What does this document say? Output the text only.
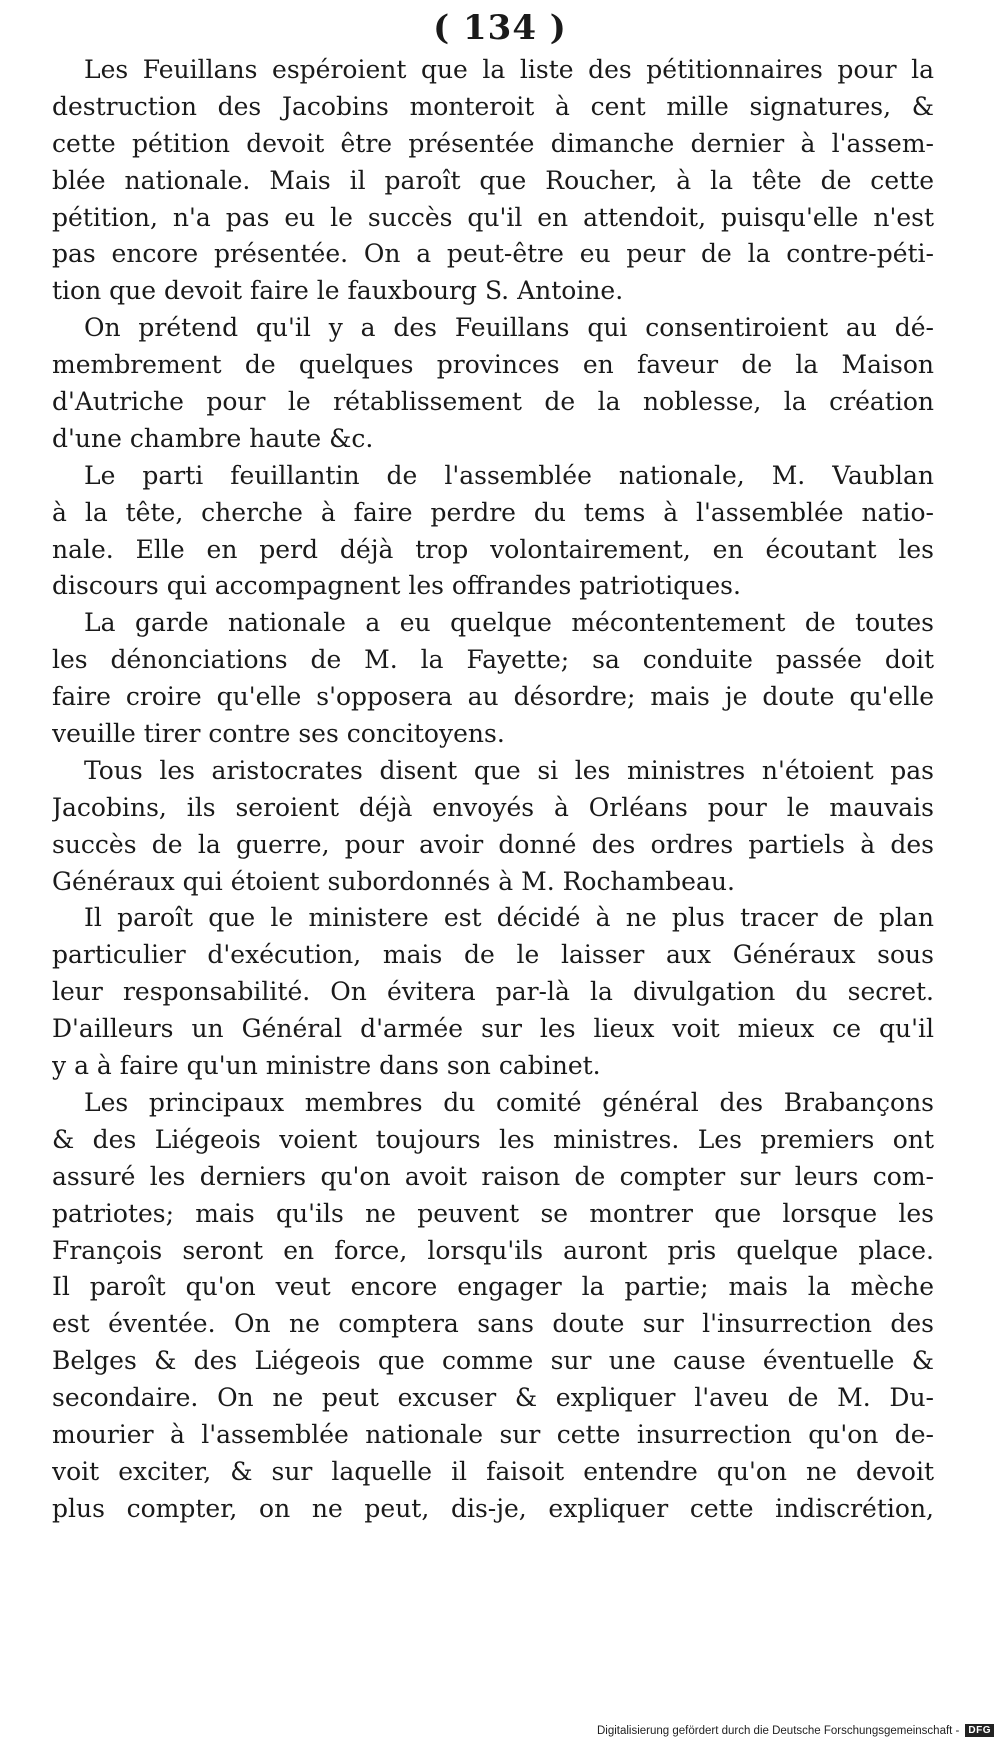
( 134 )
Les Feuillans espéroient que la liste des pétitionnaires pour la
destruction des Jacobins monteroit à cent mille signatures, &
cette pétition devoit être présentée dimanche dernier à l'assem-
blée nationale. Mais il paroît que Roucher, à la tête de cette
pétition, n'a pas eu le succès qu'il en attendoit, puisqu'elle n'est
pas encore présentée. On a peut-être eu peur de la contre-péti-
tion que devoit faire le fauxbourg S. Antoine.
On prétend qu'il y a des Feuillans qui consentiroient au dé-
membrement de quelques provinces en faveur de la Maison
d'Autriche pour le rétablissement de la noblesse, la création
d'une chambre haute &c.
Le parti feuillantin de l'assemblée nationale, M. Vaublan
à la tête, cherche à faire perdre du tems à l'assemblée natio-
nale. Elle en perd déjà trop volontairement, en écoutant les
discours qui accompagnent les offrandes patriotiques.
La garde nationale a eu quelque mécontentement de toutes
les dénonciations de M. la Fayette; sa conduite passée doit
faire croire qu'elle s'opposera au désordre; mais je doute qu'elle
veuille tirer contre ses concitoyens.
Tous les aristocrates disent que si les ministres n'étoient pas
Jacobins, ils seroient déjà envoyés à Orléans pour le mauvais
succès de la guerre, pour avoir donné des ordres partiels à des
Généraux qui étoient subordonnés à M. Rochambeau.
Il paroît que le ministere est décidé à ne plus tracer de plan
particulier d'exécution, mais de le laisser aux Généraux sous
leur responsabilité. On évitera par-là la divulgation du secret.
D'ailleurs un Général d'armée sur les lieux voit mieux ce qu'il
y a à faire qu'un ministre dans son cabinet.
Les principaux membres du comité général des Brabançons
& des Liégeois voient toujours les ministres. Les premiers ont
assuré les derniers qu'on avoit raison de compter sur leurs com-
patriotes; mais qu'ils ne peuvent se montrer que lorsque les
François seront en force, lorsqu'ils auront pris quelque place.
Il paroît qu'on veut encore engager la partie; mais la mèche
est éventée. On ne comptera sans doute sur l'insurrection des
Belges & des Liégeois que comme sur une cause éventuelle &
secondaire. On ne peut excuser & expliquer l'aveu de M. Du-
mourier à l'assemblée nationale sur cette insurrection qu'on de-
voit exciter, & sur laquelle il faisoit entendre qu'on ne devoit
plus compter, on ne peut, dis-je, expliquer cette indiscrétion,
Digitalisierung gefördert durch die Deutsche Forschungsgemeinschaft - DFG
